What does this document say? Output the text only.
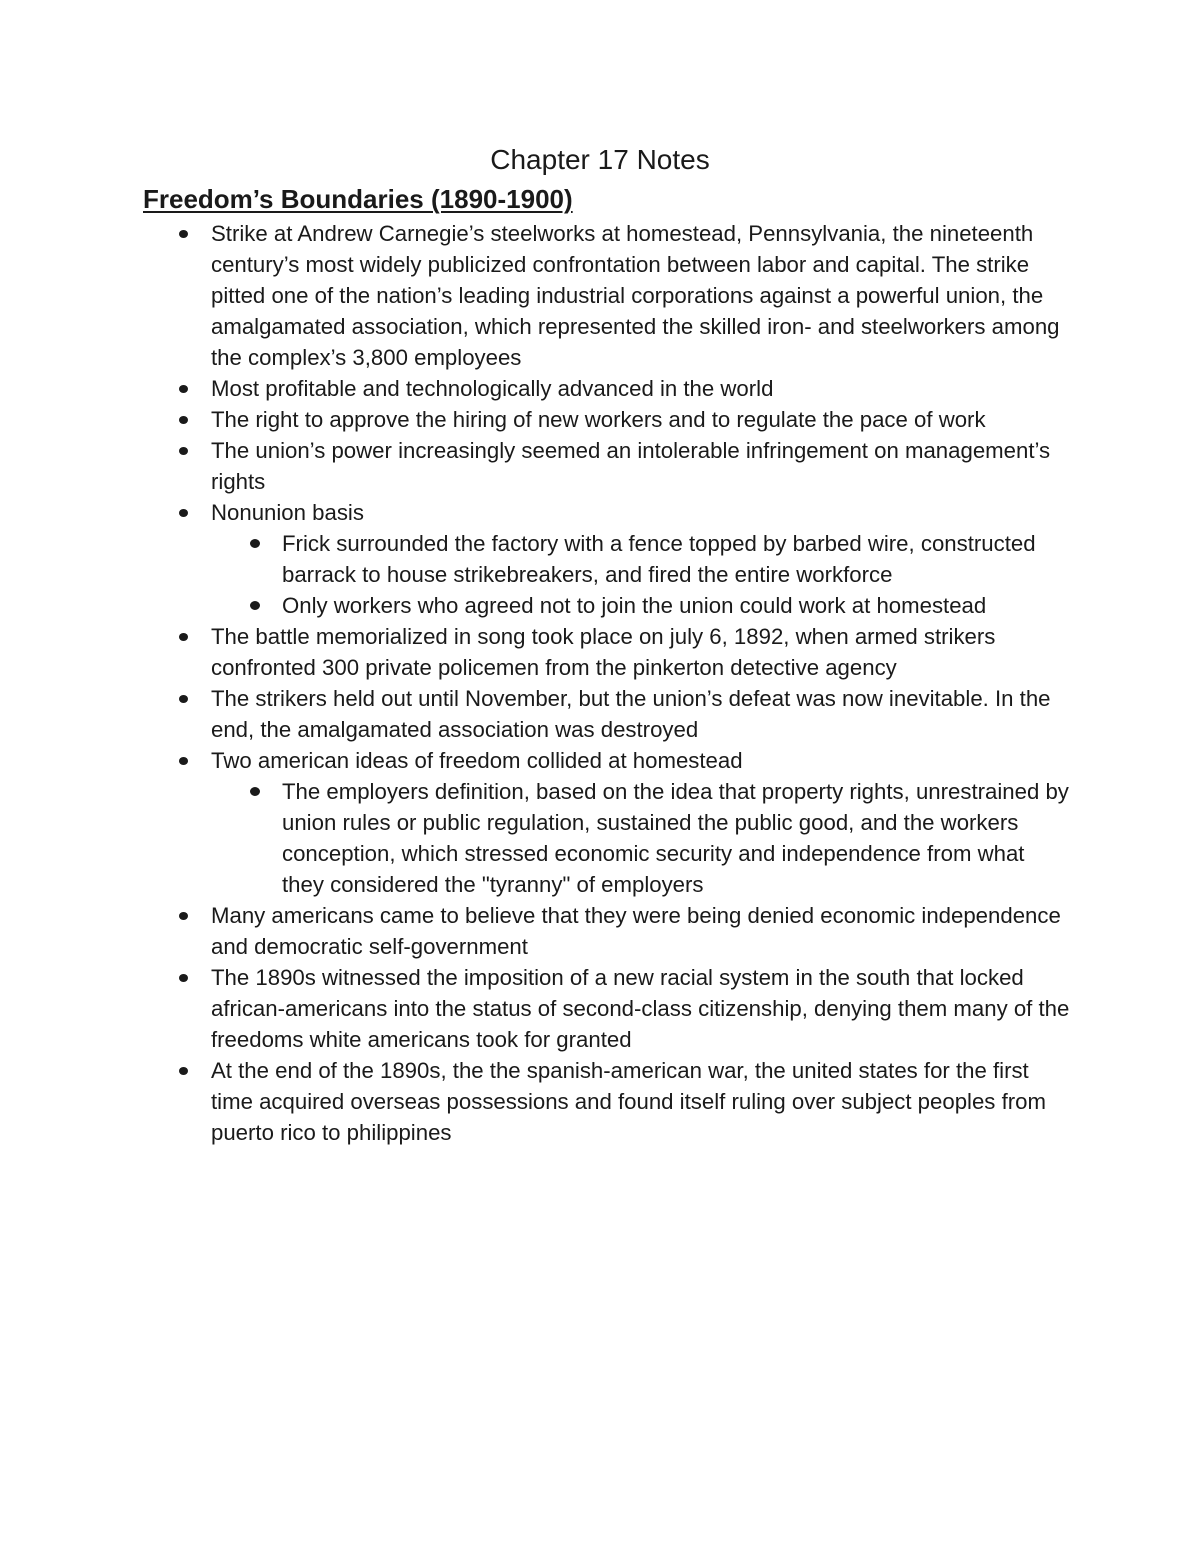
Chapter 17 Notes
Freedom’s Boundaries (1890-1900)
Strike at Andrew Carnegie’s steelworks at homestead, Pennsylvania, the nineteenth century’s most widely publicized confrontation between labor and capital. The strike pitted one of the nation’s leading industrial corporations against a powerful union, the amalgamated association, which represented the skilled iron- and steelworkers among the complex’s 3,800 employees
Most profitable and technologically advanced in the world
The right to approve the hiring of new workers and to regulate the pace of work
The union’s power increasingly seemed an intolerable infringement on management’s rights
Nonunion basis
Frick surrounded the factory with a fence topped by barbed wire, constructed barrack to house strikebreakers, and fired the entire workforce
Only workers who agreed not to join the union could work at homestead
The battle memorialized in song took place on july 6, 1892, when armed strikers confronted 300 private policemen from the pinkerton detective agency
The strikers held out until November, but the union’s defeat was now inevitable. In the end, the amalgamated association was destroyed
Two american ideas of freedom collided at homestead
The employers definition, based on the idea that property rights, unrestrained by union rules or public regulation, sustained the public good, and the workers conception, which stressed economic security and independence from what they considered the "tyranny" of employers
Many americans came to believe that they were being denied economic independence and democratic self-government
The 1890s witnessed the imposition of a new racial system in the south that locked african-americans into the status of second-class citizenship, denying them many of the freedoms white americans took for granted
At the end of the 1890s, the the spanish-american war, the united states for the first time acquired overseas possessions and found itself ruling over subject peoples from puerto rico to philippines
